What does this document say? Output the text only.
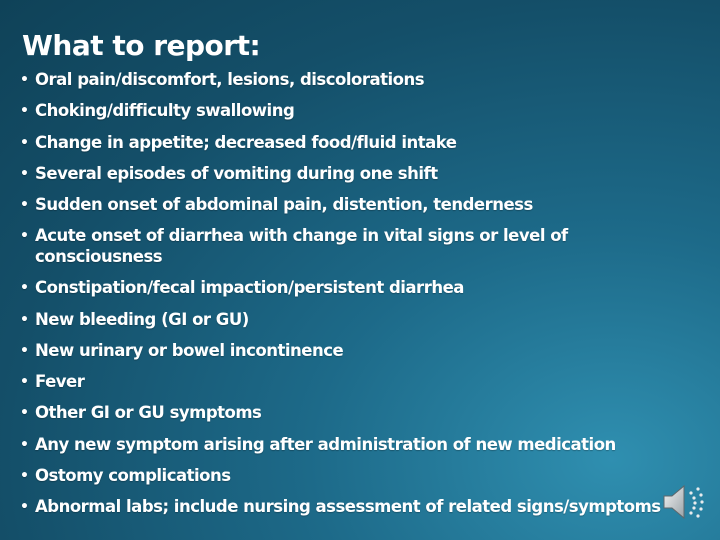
What to report:
• Oral pain/discomfort, lesions, discolorations
• Choking/difficulty swallowing
• Change in appetite; decreased food/fluid intake
• Several episodes of vomiting during one shift
• Sudden onset of abdominal pain, distention, tenderness
• Acute onset of diarrhea with change in vital signs or level of consciousness
• Constipation/fecal impaction/persistent diarrhea
• New bleeding (GI or GU)
• New urinary or bowel incontinence
• Fever
• Other GI or GU symptoms
• Any new symptom arising after administration of new medication
• Ostomy complications
• Abnormal labs; include nursing assessment of related signs/symptoms
